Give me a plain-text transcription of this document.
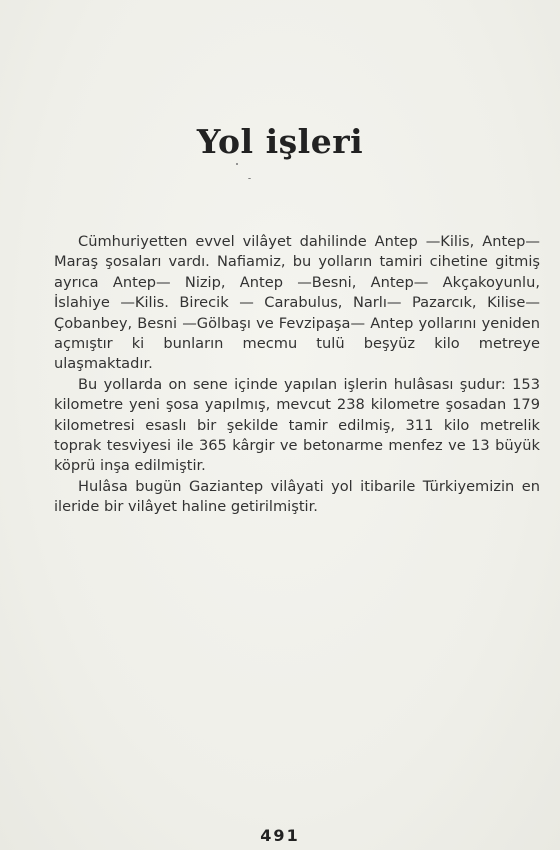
Yol işleri

Cümhuriyetten evvel vilâyet dahilinde Antep —Kilis, Antep— Maraş şosaları vardı. Nafiamiz, bu yolların tamiri cihetine gitmiş ayrıca Antep— Nizip, Antep —Besni, Antep— Akçakoyunlu, İslahiye —Kilis. Birecik — Carabulus, Narlı— Pazarcık, Kilise— Çobanbey, Besni —Gölbaşı ve Fevzipaşa— Antep yollarını yeniden açmıştır ki bunların mecmu tulü beşyüz kilo metreye ulaşmaktadır.

Bu yollarda on sene içinde yapılan işlerin hulâsası şudur: 153 kilometre yeni şosa yapılmış, mevcut 238 kilometre şosadan 179 kilometresi esaslı bir şekilde tamir edilmiş, 311 kilo metrelik toprak tesviyesi ile 365 kârgir ve betonarme menfez ve 13 büyük köprü inşa edilmiştir.

Hulâsa bugün Gaziantep vilâyati yol itibarile Türkiyemizin en ileride bir vilâyet haline getirilmiştir.

491
